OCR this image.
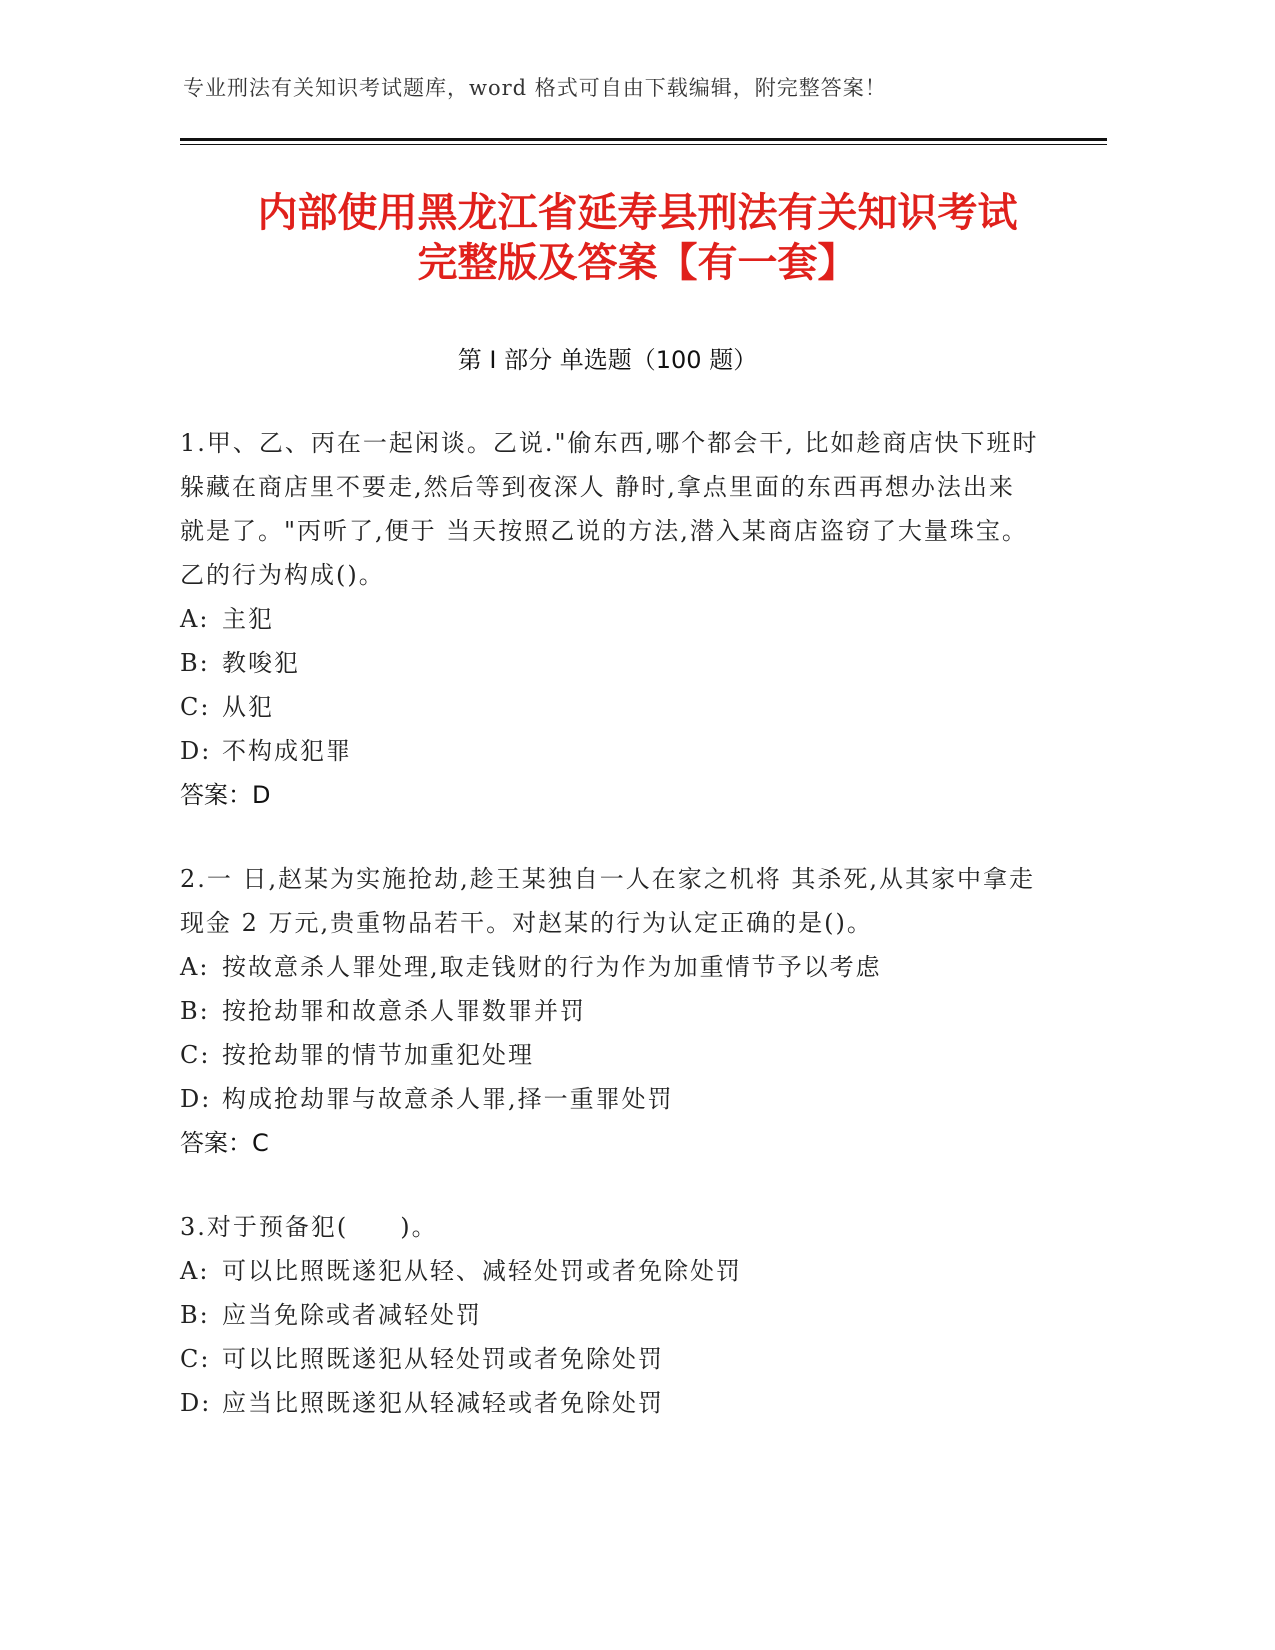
专业刑法有关知识考试题库，word 格式可自由下载编辑，附完整答案！
内部使用黑龙江省延寿县刑法有关知识考试
完整版及答案【有一套】
第 I 部分 单选题（100 题）

1.甲、乙、丙在一起闲谈。乙说."偷东西,哪个都会干, 比如趁商店快下班时躲藏在商店里不要走,然后等到夜深人 静时,拿点里面的东西再想办法出来就是了。"丙听了,便于 当天按照乙说的方法,潜入某商店盗窃了大量珠宝。乙的行为构成()。

A: 主犯
B: 教唆犯
C: 从犯
D: 不构成犯罪
答案：D

2.一 日,赵某为实施抢劫,趁王某独自一人在家之机将 其杀死,从其家中拿走现金 2 万元,贵重物品若干。对赵某的行为认定正确的是()。

A: 按故意杀人罪处理,取走钱财的行为作为加重情节予以考虑
B: 按抢劫罪和故意杀人罪数罪并罚
C: 按抢劫罪的情节加重犯处理
D: 构成抢劫罪与故意杀人罪,择一重罪处罚
答案：C

3.对于预备犯(　　)。

A: 可以比照既遂犯从轻、减轻处罚或者免除处罚
B: 应当免除或者减轻处罚
C: 可以比照既遂犯从轻处罚或者免除处罚
D: 应当比照既遂犯从轻减轻或者免除处罚
